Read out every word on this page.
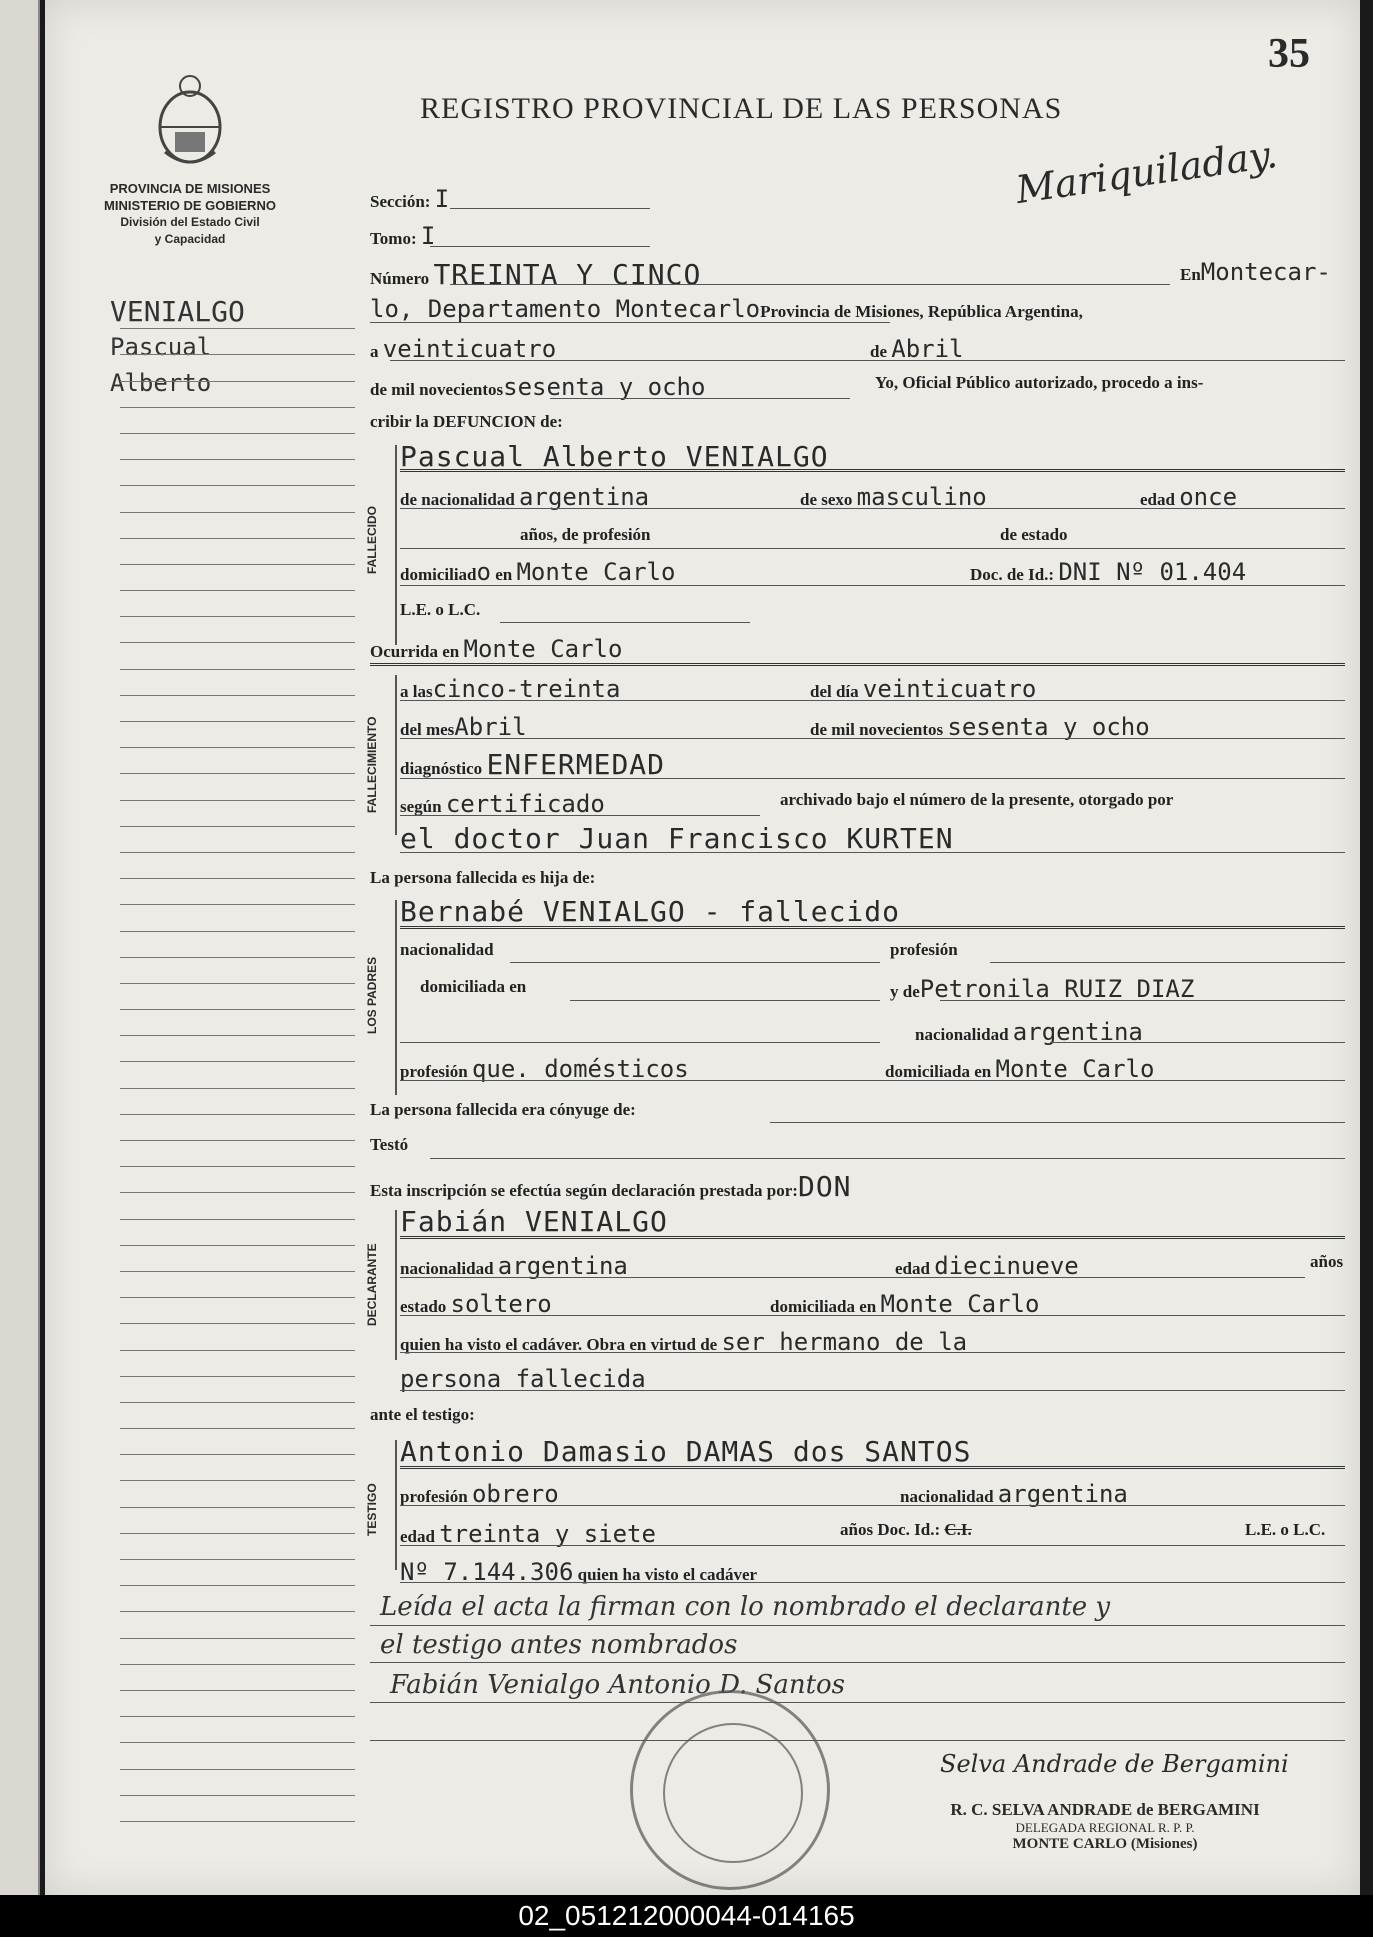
35
REGISTRO PROVINCIAL DE LAS PERSONAS
Mariquiladay.
PROVINCIA DE MISIONES
MINISTERIO DE GOBIERNO
División del Estado Civil
y Capacidad
VENIALGO
Pascual
Alberto
Sección: I
Tomo: I
Número TREINTA Y CINCO	EnMontecar-
lo, Departamento MontecarloProvincia de Misiones, República Argentina,
a veinticuatro	de Abril
de mil novecientossesenta y ocho	Yo, Oficial Público autorizado, procedo a ins-
cribir la DEFUNCION de:
FALLECIDO
Pascual Alberto VENIALGO
de nacionalidad argentina	de sexo masculino	edad once
años, de profesión	de estado
domiciliado en Monte Carlo	Doc. de Id.: DNI Nº 01.404
L.E. o L.C.
Ocurrida en Monte Carlo
FALLECIMIENTO
a lascinco-treinta	del día veinticuatro
del mesAbril	de mil novecientos sesenta y ocho
diagnóstico ENFERMEDAD
según certificado	archivado bajo el número de la presente, otorgado por
el doctor Juan Francisco KURTEN
La persona fallecida es hija de:
LOS PADRES
Bernabé VENIALGO - fallecido
nacionalidad	profesión
domiciliada en	y dePetronila RUIZ DIAZ
nacionalidad argentina
profesión que. domésticos	domiciliada en Monte Carlo
La persona fallecida era cónyuge de:
Testó
Esta inscripción se efectúa según declaración prestada por:DON
DECLARANTE
Fabián VENIALGO
nacionalidad argentina	edad diecinueve	años
estado soltero	domiciliada en Monte Carlo
quien ha visto el cadáver. Obra en virtud de ser hermano de la
persona fallecida
ante el testigo:
TESTIGO
Antonio Damasio DAMAS dos SANTOS
profesión obrero	nacionalidad argentina
edad treinta y siete	años Doc. Id.: C.I.	L.E. o L.C.
Nº 7.144.306 quien ha visto el cadáver
Leída el acta la firman con lo nombrado el declarante y
el testigo antes nombrados
Fabián Venialgo Antonio D. Santos
Selva Andrade de Bergamini
R. C. SELVA ANDRADE de BERGAMINI
DELEGADA REGIONAL R. P. P.
MONTE CARLO (Misiones)
02_051212000044-014165
